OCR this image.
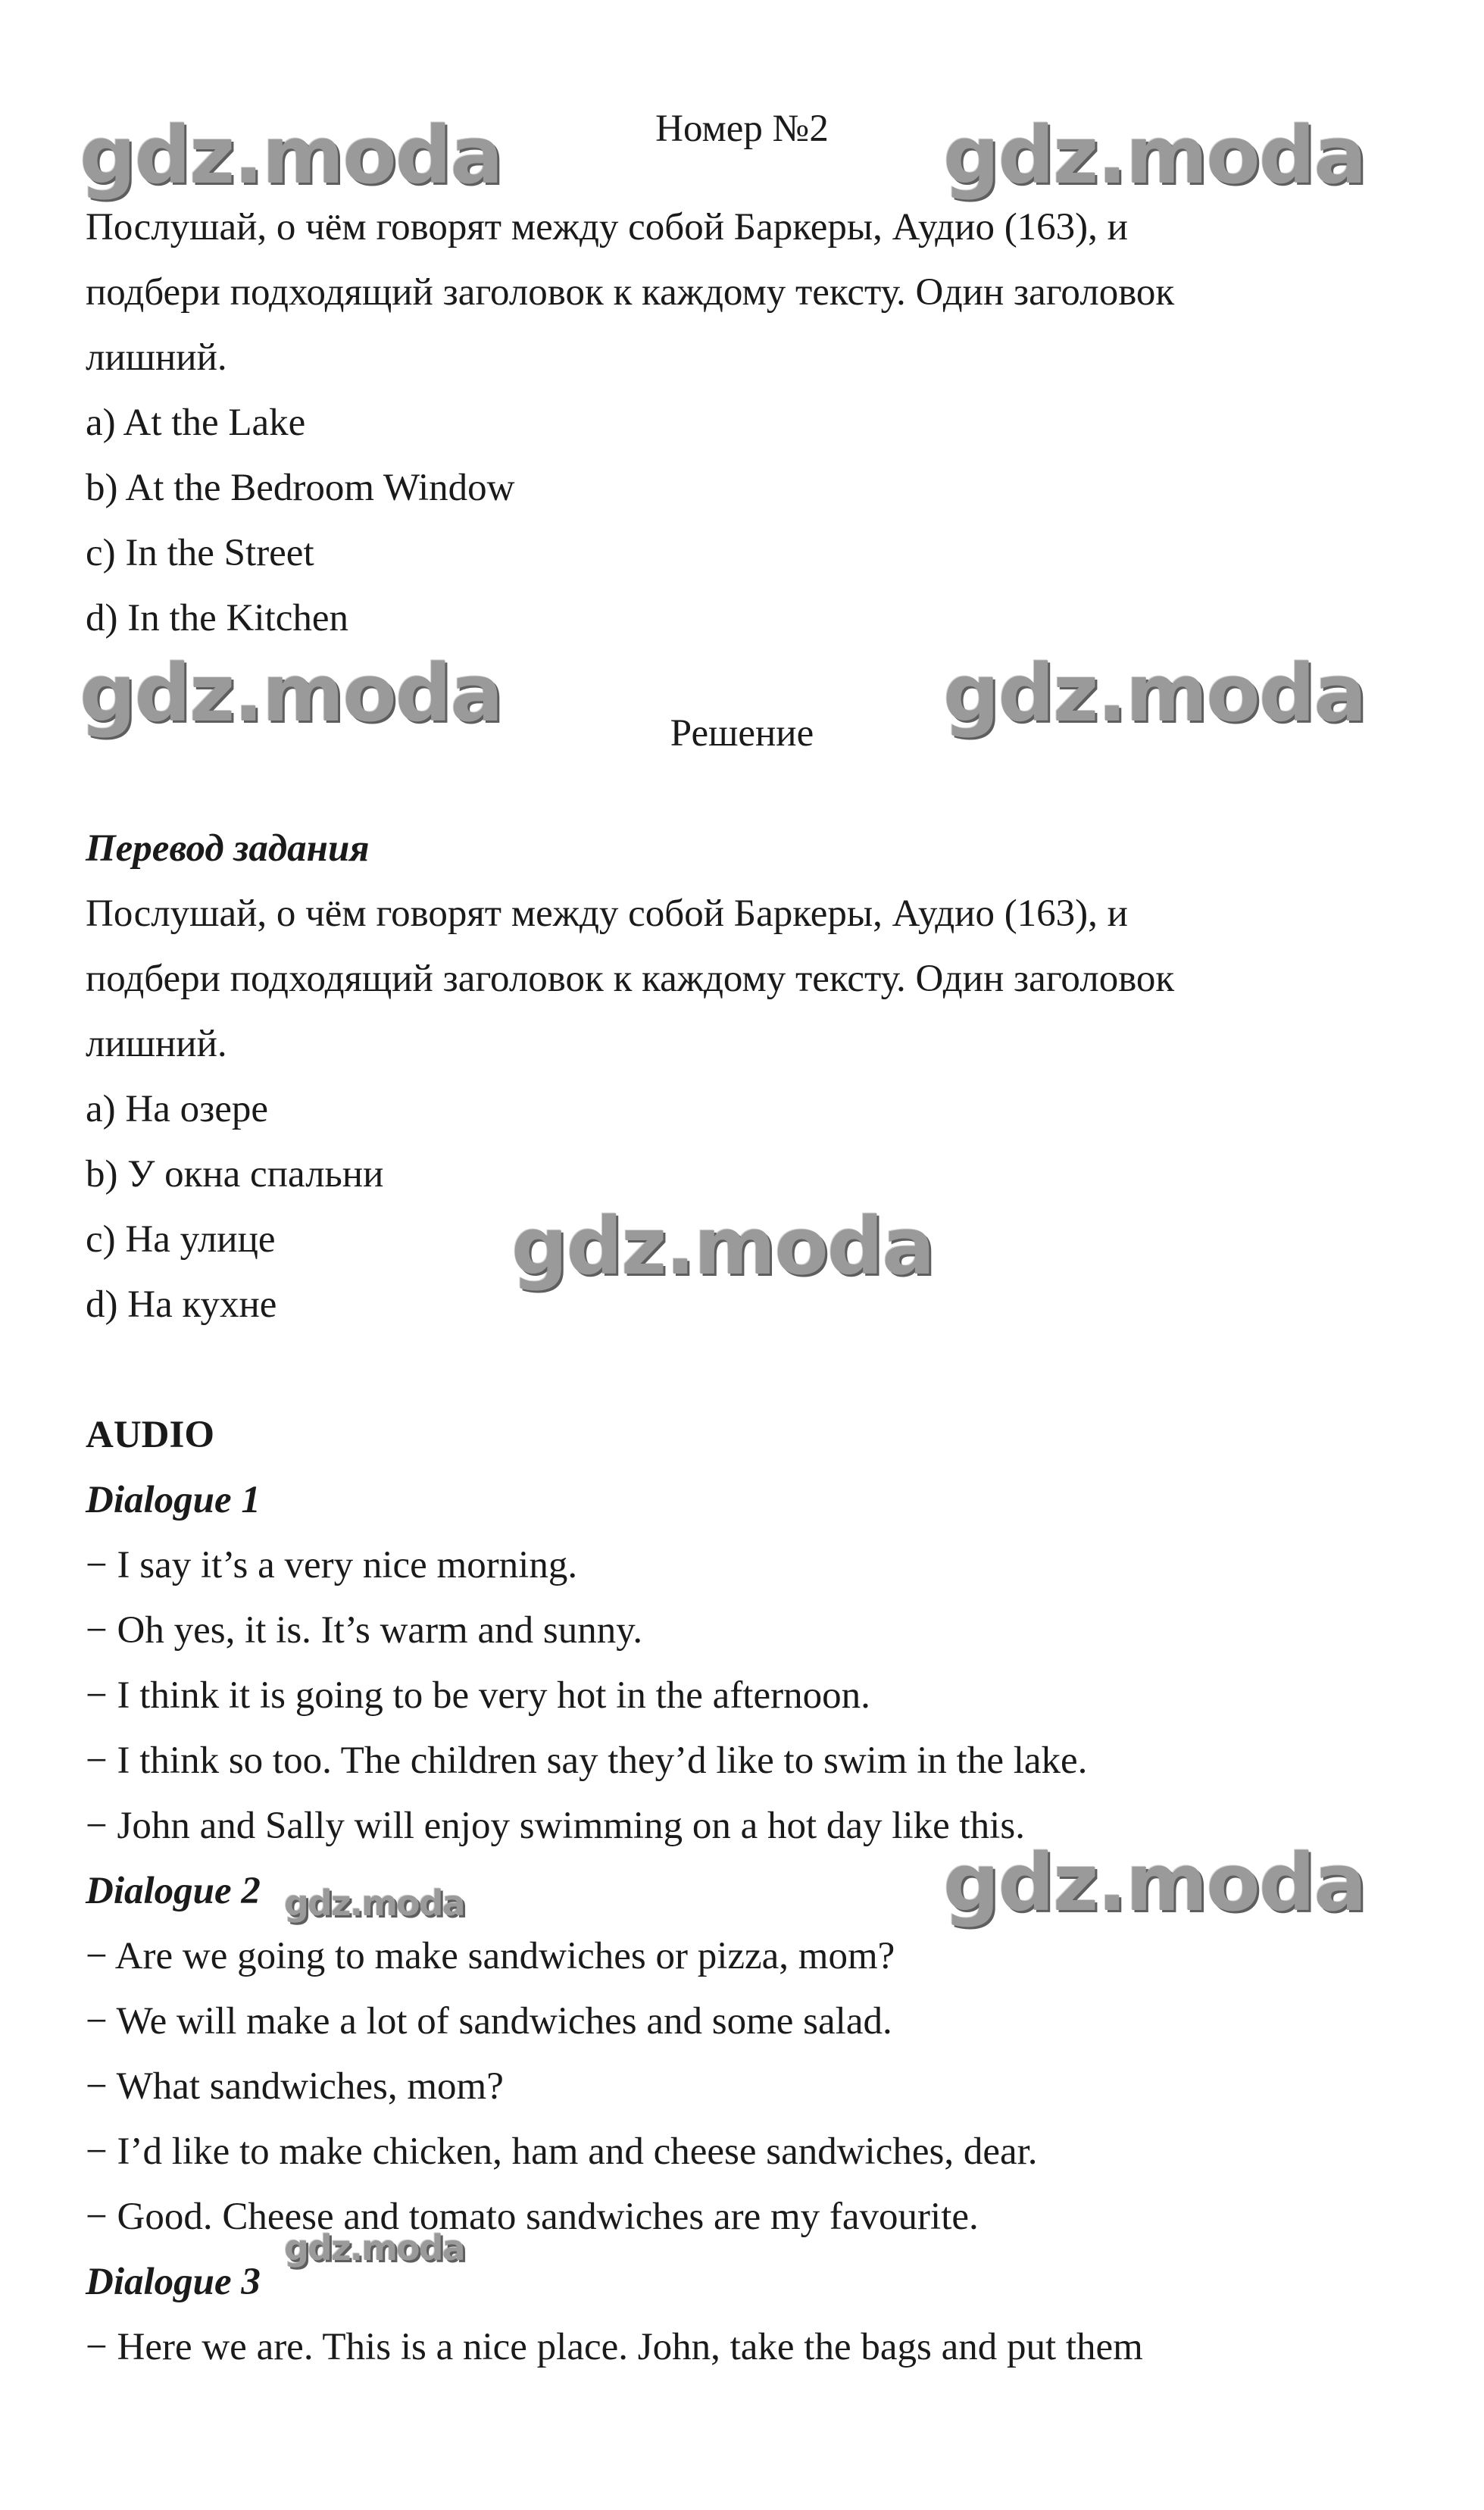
Номер №2

Послушай, о чём говорят между собой Баркеры, Аудио (163), и

подбери подходящий заголовок к каждому тексту. Один заголовок

лишний.

a) At the Lake

b) At the Bedroom Window

c) In the Street

d) In the Kitchen

Решение

Перевод задания

Послушай, о чём говорят между собой Баркеры, Аудио (163), и

подбери подходящий заголовок к каждому тексту. Один заголовок

лишний.

a) На озере

b) У окна спальни

c) На улице

d) На кухне

AUDIO

Dialogue 1

− I say it’s a very nice morning.

− Oh yes, it is. It’s warm and sunny.

− I think it is going to be very hot in the afternoon.

− I think so too. The children say they’d like to swim in the lake.

− John and Sally will enjoy swimming on a hot day like this.

Dialogue 2

− Are we going to make sandwiches or pizza, mom?

− We will make a lot of sandwiches and some salad.

− What sandwiches, mom?

− I’d like to make chicken, ham and cheese sandwiches, dear.

− Good. Cheese and tomato sandwiches are my favourite.

Dialogue 3

− Here we are. This is a nice place. John, take the bags and put them

gdz.moda	gdz.moda
gdz.moda	gdz.moda
gdz.moda
gdz.moda
gdz.moda
gdz.moda
